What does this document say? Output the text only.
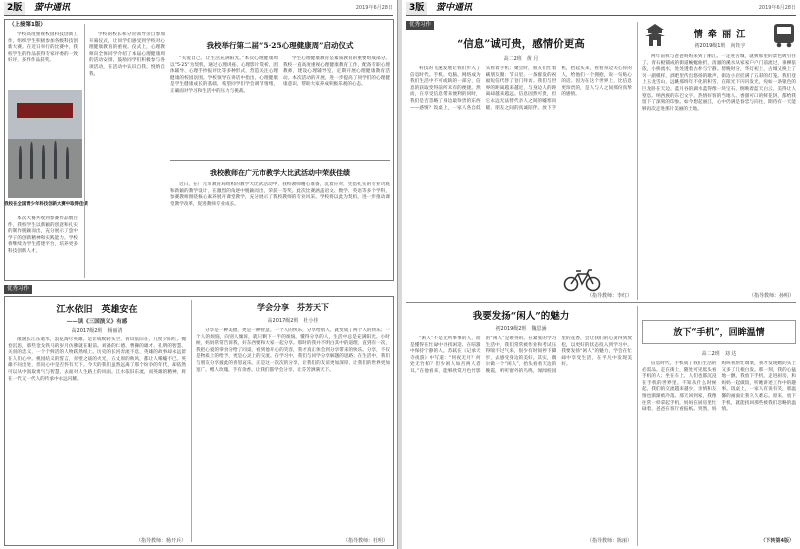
2版	萤中通讯	2019年6月28日
（上接第1版）
学校高度重视校园科技创新工作，组织学生积极参加各级科技创新大赛。在近日举行的比赛中，我校学生的作品获得专家评委的一致好评，多件作品获奖。
我校在全国青少年科技创新大赛中取得佳绩
本次大赛共收到参赛作品数百件，我校学生以新颖的创意和扎实的制作脱颖而出，充分展示了萤中学子的创新精神和实践能力。学校将继续为学生搭建平台，培养更多科技创新人才。
学校的校长和分管领导亲自参加开幕仪式，让同学们感受到学校对心理健康教育的重视。仪式上，心理教师向全体同学介绍了本届心理健康周的活动安排，鼓励同学们积极参与各项活动，在活动中认识自我、悦纳自我。
我校举行第二届“5·25心理健康周”启动仪式
“关爱自己，让生活充满阳光。”本次心理健康周以“5·25”为契机，通过心理讲座、心理影片赏析、团体辅导、心理手抄报评比等多种形式，营造关注心理健康的校园氛围。学校领导在讲话中指出，心理健康是学生健康成长的基础，希望同学们学会调节情绪，正确面对学习和生活中的压力与挑战。
学生心理健康教育是素质教育的重要组成部分。我校一直高度重视心理健康教育工作，配备专职心理教师，建设心理辅导室，定期开展心理健康教育活动。本次活动的开展，进一步提高了同学们的心理健康意识，帮助大家养成积极乐观的心态。
我校教师在广元市教学大比武活动中荣获佳绩
近日，在广元市教育局组织的教学大比武活动中，我校教师精心准备，沉着应对，凭借扎实的专业功底和新颖的教学设计，在激烈的角逐中脱颖而出，荣获一等奖。此次比赛涵盖语文、数学、英语等多个学科，参赛教师围绕核心素养展开课堂教学，充分展示了我校教师的专业风采。学校将以此为契机，进一步推动课堂教学改革，促进教师专业成长。
优秀习作
江水依旧　英雄安在
——读《三国演义》有感
高2017级2班　杨丽清
滚滚长江东逝水，浪花淘尽英雄。是非成败转头空，青山依旧在，几度夕阳红。掩卷沉思，那些金戈铁马的岁月仿佛就在眼前。刘备的仁德、曹操的雄才、孔明的智慧、关羽的忠义，一个个鲜活的人物跃然纸上。历史的长河奔流不息，英雄的故事却永远留在人们心中。桃园结义的誓言，赤壁之战的火光，五丈原的秋风，都让人唏嘘不已。英雄不问出处，但问心中是否怀有天下。今天的我们虽然远离了那个纷争的年代，却依然可以从中汲取勇气与智慧，去面对人生路上的风雨。江水依旧东流，而英雄的精神，将在一代又一代人的传承中永远闪耀。
（指导教师：杨开兵）
学会分享　芬芳天下
高2017级2班　杜小佳
分享是一种美德，更是一种智慧。一个人的快乐，分享给别人，就变成了两个人的快乐；一个人的烦恼，向别人倾诉，就只剩下一半的烦恼。懂得分享的人，生活中总是充满阳光。小时候，妈妈常常告诉我，好东西要和大家一起分享。那时的我并不明白其中的道理，直到有一次，我把心爱的零食分给了同桌，看到他开心的笑容，我才真正体会到分享带来的快乐。分享，不仅是物质上的给予，更是心灵上的交流。在学习中，我们与同学分享解题的思路；在生活中，我们与朋友分享彼此的喜怒哀乐。正是这一次次的分享，让我们的友谊更加深厚，让我们的世界更加宽广。赠人玫瑰，手有余香。让我们都学会分享，让芬芳洒满天下。
（指导教师：杜明）
3版	萤中通讯	2019年6月28日
优秀习作
“信息”诚可贵，感情价更高
高二2班　黄 月
科技的飞速发展让我们步入了信息时代。手机、电脑、网络成为我们生活中不可或缺的一部分，信息的获取变得前所未有的便捷。然而，在享受信息带来便利的同时，我们是否忽略了身边最珍贵的东西——感情？饭桌上，一家人各自低头看着手机；聚会时，朋友们忙着刷朋友圈；节日里，一条群发的祝福短信代替了登门拜访。我们与世界的距离越来越近，与身边人的距离却越来越远。信息固然可贵，但它永远无法替代亲人之间的嘘寒问暖、朋友之间的真诚陪伴。放下手机，抬起头来，看看身边关心你的人，给他们一个拥抱，说一句贴心的话。因为在这个世界上，比信息更珍贵的，是人与人之间那份真挚的感情。
（指导教师：李红）
情 牵 丽 江
初2019级1班　向钰宇
两年前我与爸爸妈妈来到了丽江。一走进古城，就被那里的景色吸引住了。青石板铺成的街道蜿蜒曲折，清澈的溪水从家家户户门前流过，垂柳依依，小桥流水，处处透着古朴与宁静。傍晚时分，华灯初上，古城又换上了另一副模样，酒吧里传出悠扬的歌声，街边小店挂满了五彩的灯笼。我们登上玉龙雪山，远眺那终年不化的积雪，在阳光下闪闪发光，宛如一条银色的巨龙卧在天边。蓝月谷的湖水蓝得像一块宝石，倒映着蓝天白云，美得让人窒息。纳西族的东巴文字、热情好客的当地人、香甜可口的鲜花饼，都给我留下了深刻的印象。如今想起丽江，心中仍满是眷恋与向往，期待有一天能够再次走进那片美丽的土地。
（指导教师：孙明）
我要发扬“闲人”的魅力
初2019级2班　魏思涵
“闲人”不是无所事事的人，而是懂得在忙碌中寻找闲适、在喧嚣中保持宁静的人。苏轼在《记承天寺夜游》中写道：“何夜无月？何处无竹柏？但少闲人如吾两人者耳。”在他看来，能够欣赏月色竹影的“闲人”是难得的。在紧张的学习生活中，我们常常被作业和考试压得喘不过气来，很少有时间停下脚步，去感受身边的美好。其实，偶尔做一个“闲人”，抬头看看天边的晚霞，听听窗外的鸟鸣，闻闻校园里的花香，会让我们的心灵得到放松，以更好的状态投入到学习中。我要发扬“闲人”的魅力，学会在忙碌中享受生活，在平凡中发现美好。
（指导教师：陈丽）
放下“手机”，回眸温情
高二2班　刘 达
信息时代，手机成了我们生活的必需品。走在街上，随处可见低头看手机的人；坐在车上，人们也都沉浸在手机的世界里。不知从什么时候起，我们的交流越来越少，亲情和友情也渐渐被冷落。那天回到家，我像往常一样拿起手机，妈妈在厨房里忙碌着，爸爸在客厅看报纸。突然，妈妈叫我帮忙端菜，我才发现她的头上又多了几根白发。那一刻，我的心猛地一颤。我放下手机，走进厨房，和妈妈一起做饭，听她讲述工作中的趣事。饭桌上，一家人有说有笑，那温馨的画面让我久久难忘。原来，放下手机，就能找回那些被我们忽略的温情。
（下转第4版）
